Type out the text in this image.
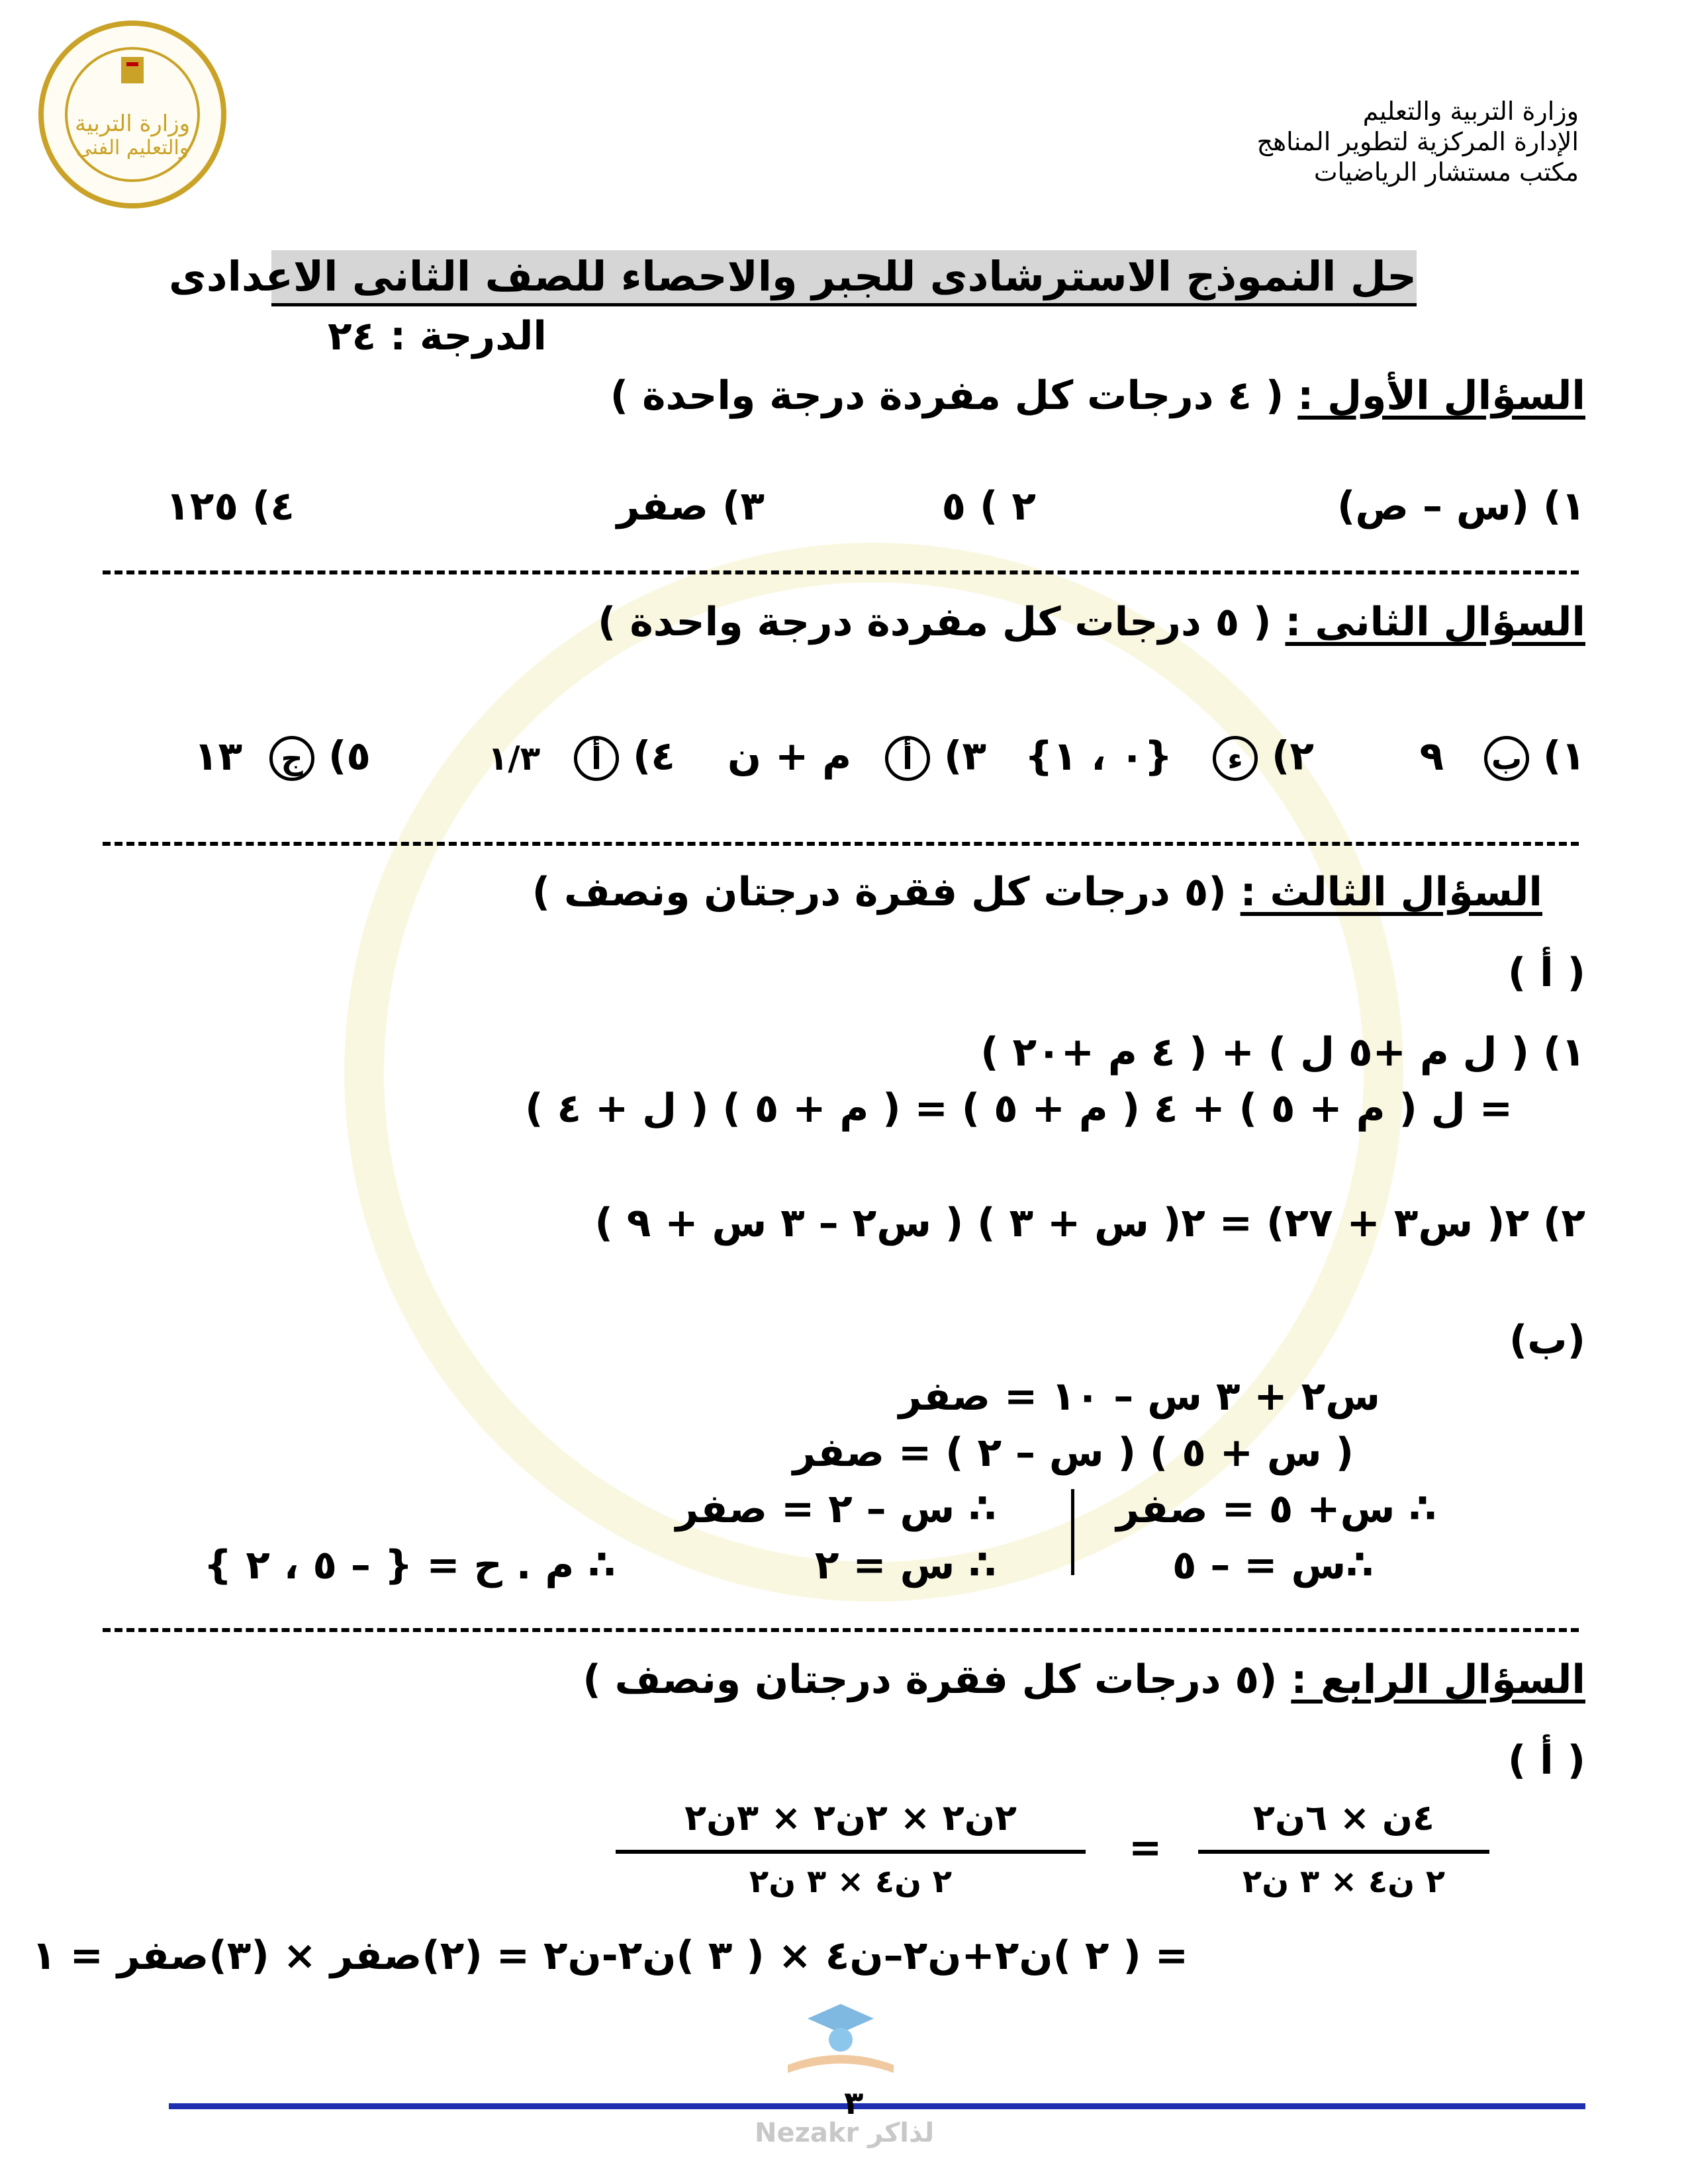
وزارة التربية
والتعليم الفنى
وزارة التربية والتعليم
الإدارة المركزية لتطوير المناهج
مكتب مستشار الرياضيات
حل النموذج الاسترشادى للجبر والاحصاء للصف الثانى الاعدادى
الدرجة : ٢٤
السؤال الأول : ( ٤ درجات كل مفردة درجة واحدة )
١) (س – ص)
٢ ) ٥
٣) صفر
٤) ١٢٥
السؤال الثانى : ( ٥ درجات كل مفردة درجة واحدة )
١) ب ٩
٢) ء {٠ ، ١}
٣) أ م + ن
٤) أ ١/٣
٥) ج ١٣
السؤال الثالث : (٥ درجات كل فقرة درجتان ونصف )
( أ )
١) ( ل م +٥ ل ) + ( ٤ م +٢٠ )
= ل ( م + ٥ ) + ٤ ( م + ٥ ) = ( م + ٥ ) ( ل + ٤ )
٢) ٢( س٣ + ٢٧) = ٢( س + ٣ ) ( س٢ – ٣ س + ٩ )
(ب)
س٢ + ٣ س – ١٠ = صفر
( س + ٥ ) ( س – ٢ ) = صفر
∴ س+ ٥ = صفر
∴س = – ٥
∴ س – ٢ = صفر
∴ س = ٢
∴ م . ح = { – ٥ ، ٢ }
السؤال الرابع : (٥ درجات كل فقرة درجتان ونصف )
( أ )
٤ن × ٦ن٢
٢ ن٤ × ٣ ن٢
=
٢ن٢ × ٢ن٢ × ٣ن٢
٢ ن٤ × ٣ ن٢
= ( ٢ )ن٢+ن٢–ن٤ × ( ٣ )ن٢-ن٢ = (٢)صفر × (٣)صفر = ١
٣
Nezakr لذاكر
